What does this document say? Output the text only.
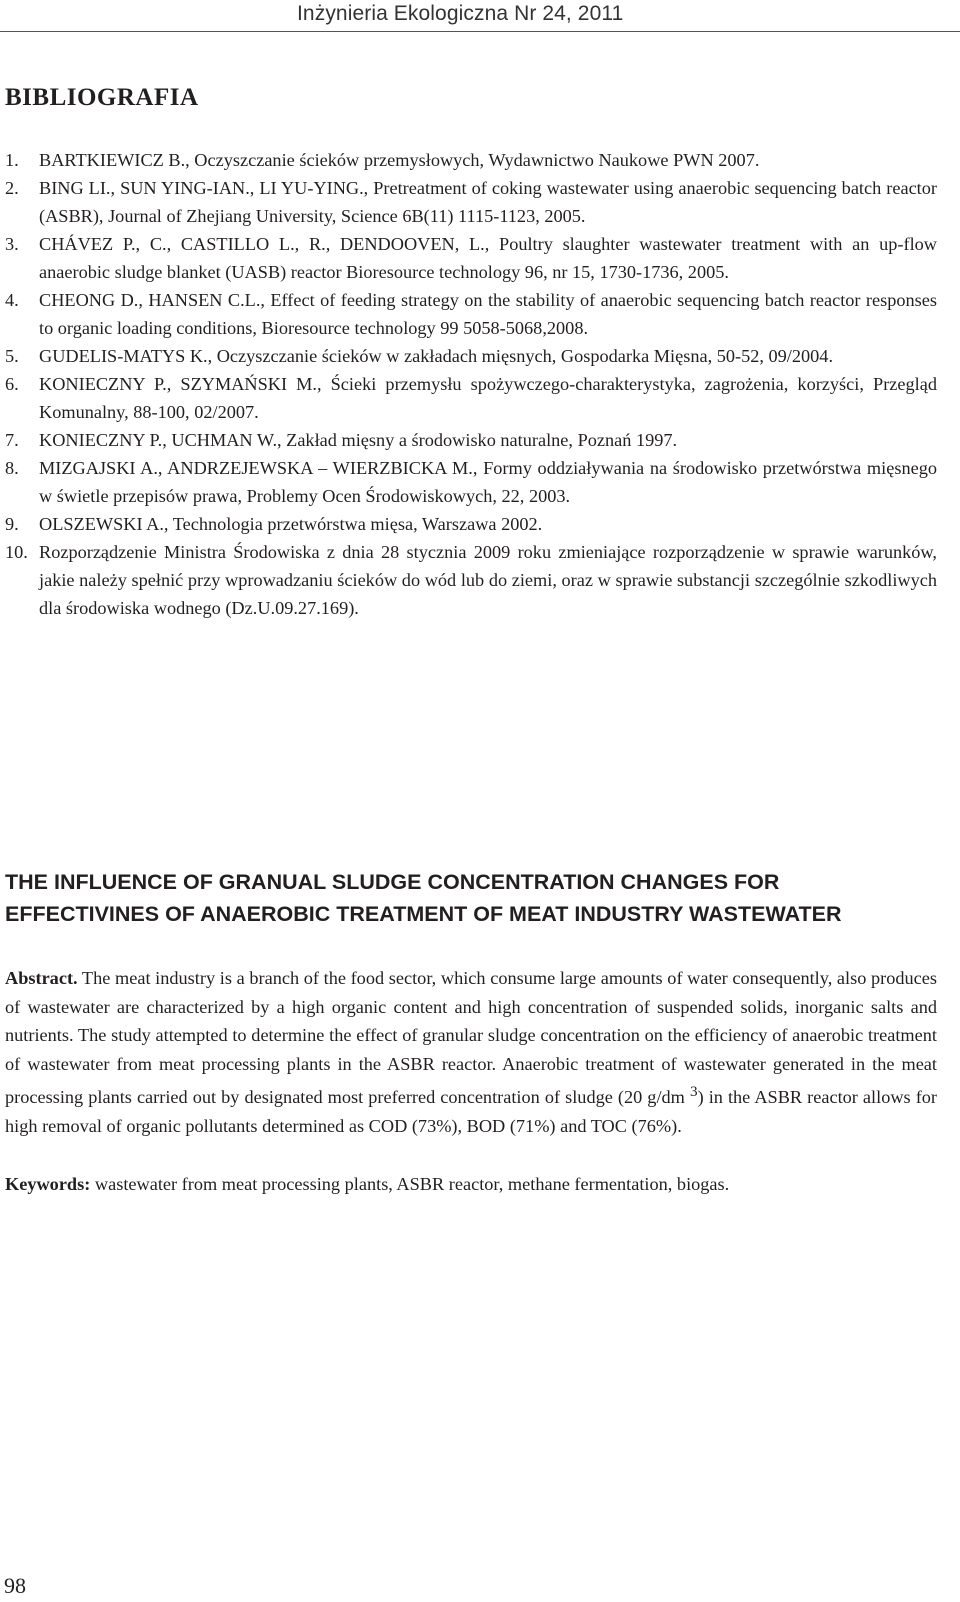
Inżynieria Ekologiczna Nr 24, 2011
BIBLIOGRAFIA
1. BARTKIEWICZ B., Oczyszczanie ścieków przemysłowych, Wydawnictwo Naukowe PWN 2007.
2. BING LI., SUN YING-IAN., LI YU-YING., Pretreatment of coking wastewater using anaerobic sequencing batch reactor (ASBR), Journal of Zhejiang University, Science 6B(11) 1115-1123, 2005.
3. CHÁVEZ P., C., CASTILLO L., R., DENDOOVEN, L., Poultry slaughter wastewater treatment with an up-flow anaerobic sludge blanket (UASB) reactor Bioresource technology 96, nr 15, 1730-1736, 2005.
4. CHEONG D., HANSEN C.L., Effect of feeding strategy on the stability of anaerobic sequencing batch reactor responses to organic loading conditions, Bioresource technology 99 5058-5068,2008.
5. GUDELIS-MATYS K., Oczyszczanie ścieków w zakładach mięsnych, Gospodarka Mięsna, 50-52, 09/2004.
6. KONIECZNY P., SZYMAŃSKI M., Ścieki przemysłu spożywczego-charakterystyka, zagrożenia, korzyści, Przegląd Komunalny, 88-100, 02/2007.
7. KONIECZNY P., UCHMAN W., Zakład mięsny a środowisko naturalne, Poznań 1997.
8. MIZGAJSKI A., ANDRZEJEWSKA – WIERZBICKA M., Formy oddziaływania na środowisko przetwórstwa mięsnego w świetle przepisów prawa, Problemy Ocen Środowiskowych, 22, 2003.
9. OLSZEWSKI A., Technologia przetwórstwa mięsa, Warszawa 2002.
10. Rozporządzenie Ministra Środowiska z dnia 28 stycznia 2009 roku zmieniające rozporządzenie w sprawie warunków, jakie należy spełnić przy wprowadzaniu ścieków do wód lub do ziemi, oraz w sprawie substancji szczególnie szkodliwych dla środowiska wodnego (Dz.U.09.27.169).
THE INFLUENCE OF GRANUAL SLUDGE CONCENTRATION CHANGES FOR
EFFECTIVINES OF ANAEROBIC TREATMENT OF MEAT INDUSTRY WASTEWATER

Abstract. The meat industry is a branch of the food sector, which consume large amounts of water consequently, also produces of wastewater are characterized by a high organic content and high concentration of suspended solids, inorganic salts and nutrients. The study attempted to determine the effect of granular sludge concentration on the efficiency of anaerobic treatment of wastewater from meat processing plants in the ASBR reactor. Anaerobic treatment of wastewater generated in the meat processing plants carried out by designated most preferred concentration of sludge (20 g/dm $^3$) in the ASBR reactor allows for high removal of organic pollutants determined as COD (73%), BOD (71%) and TOC (76%).

Keywords: wastewater from meat processing plants, ASBR reactor, methane fermentation, biogas.

98
